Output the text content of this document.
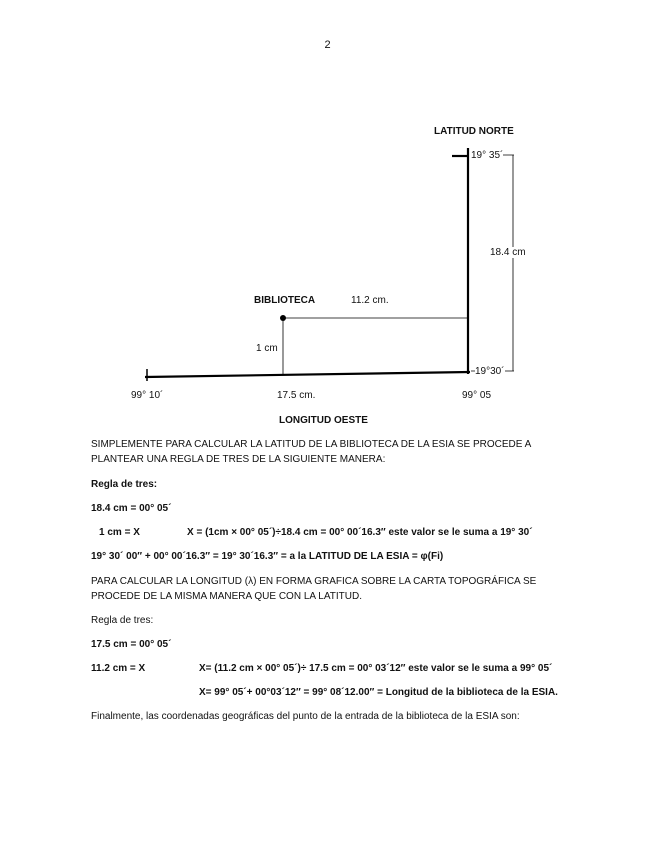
2
LATITUD NORTE
19° 35´
18.4 cm
BIBLIOTECA	11.2 cm.
1 cm
19°30´
99° 10´	17.5 cm.	99° 05
LONGITUD OESTE
SIMPLEMENTE PARA CALCULAR LA LATITUD DE LA BIBLIOTECA DE LA ESIA SE PROCEDE A PLANTEAR UNA REGLA DE TRES DE LA SIGUIENTE MANERA:
Regla de tres:
18.4 cm = 00° 05´
1 cm = X	X = (1cm × 00° 05´)÷18.4 cm = 00° 00´16.3″ este valor se le suma a 19° 30´
19° 30´ 00″ + 00° 00´16.3″ = 19° 30´16.3″ = a la LATITUD DE LA ESIA = φ(Fi)
PARA CALCULAR LA LONGITUD (λ) EN FORMA GRAFICA SOBRE LA CARTA TOPOGRÁFICA SE PROCEDE DE LA MISMA MANERA QUE CON LA LATITUD.
Regla de tres:
17.5 cm = 00° 05´
11.2 cm = X	X= (11.2 cm × 00° 05´)÷ 17.5 cm = 00° 03´12″ este valor se le suma a 99° 05´
X= 99° 05´+ 00°03´12″ = 99° 08´12.00″ = Longitud de la biblioteca de la ESIA.
Finalmente, las coordenadas geográficas del punto de la entrada de la biblioteca de la ESIA son:
